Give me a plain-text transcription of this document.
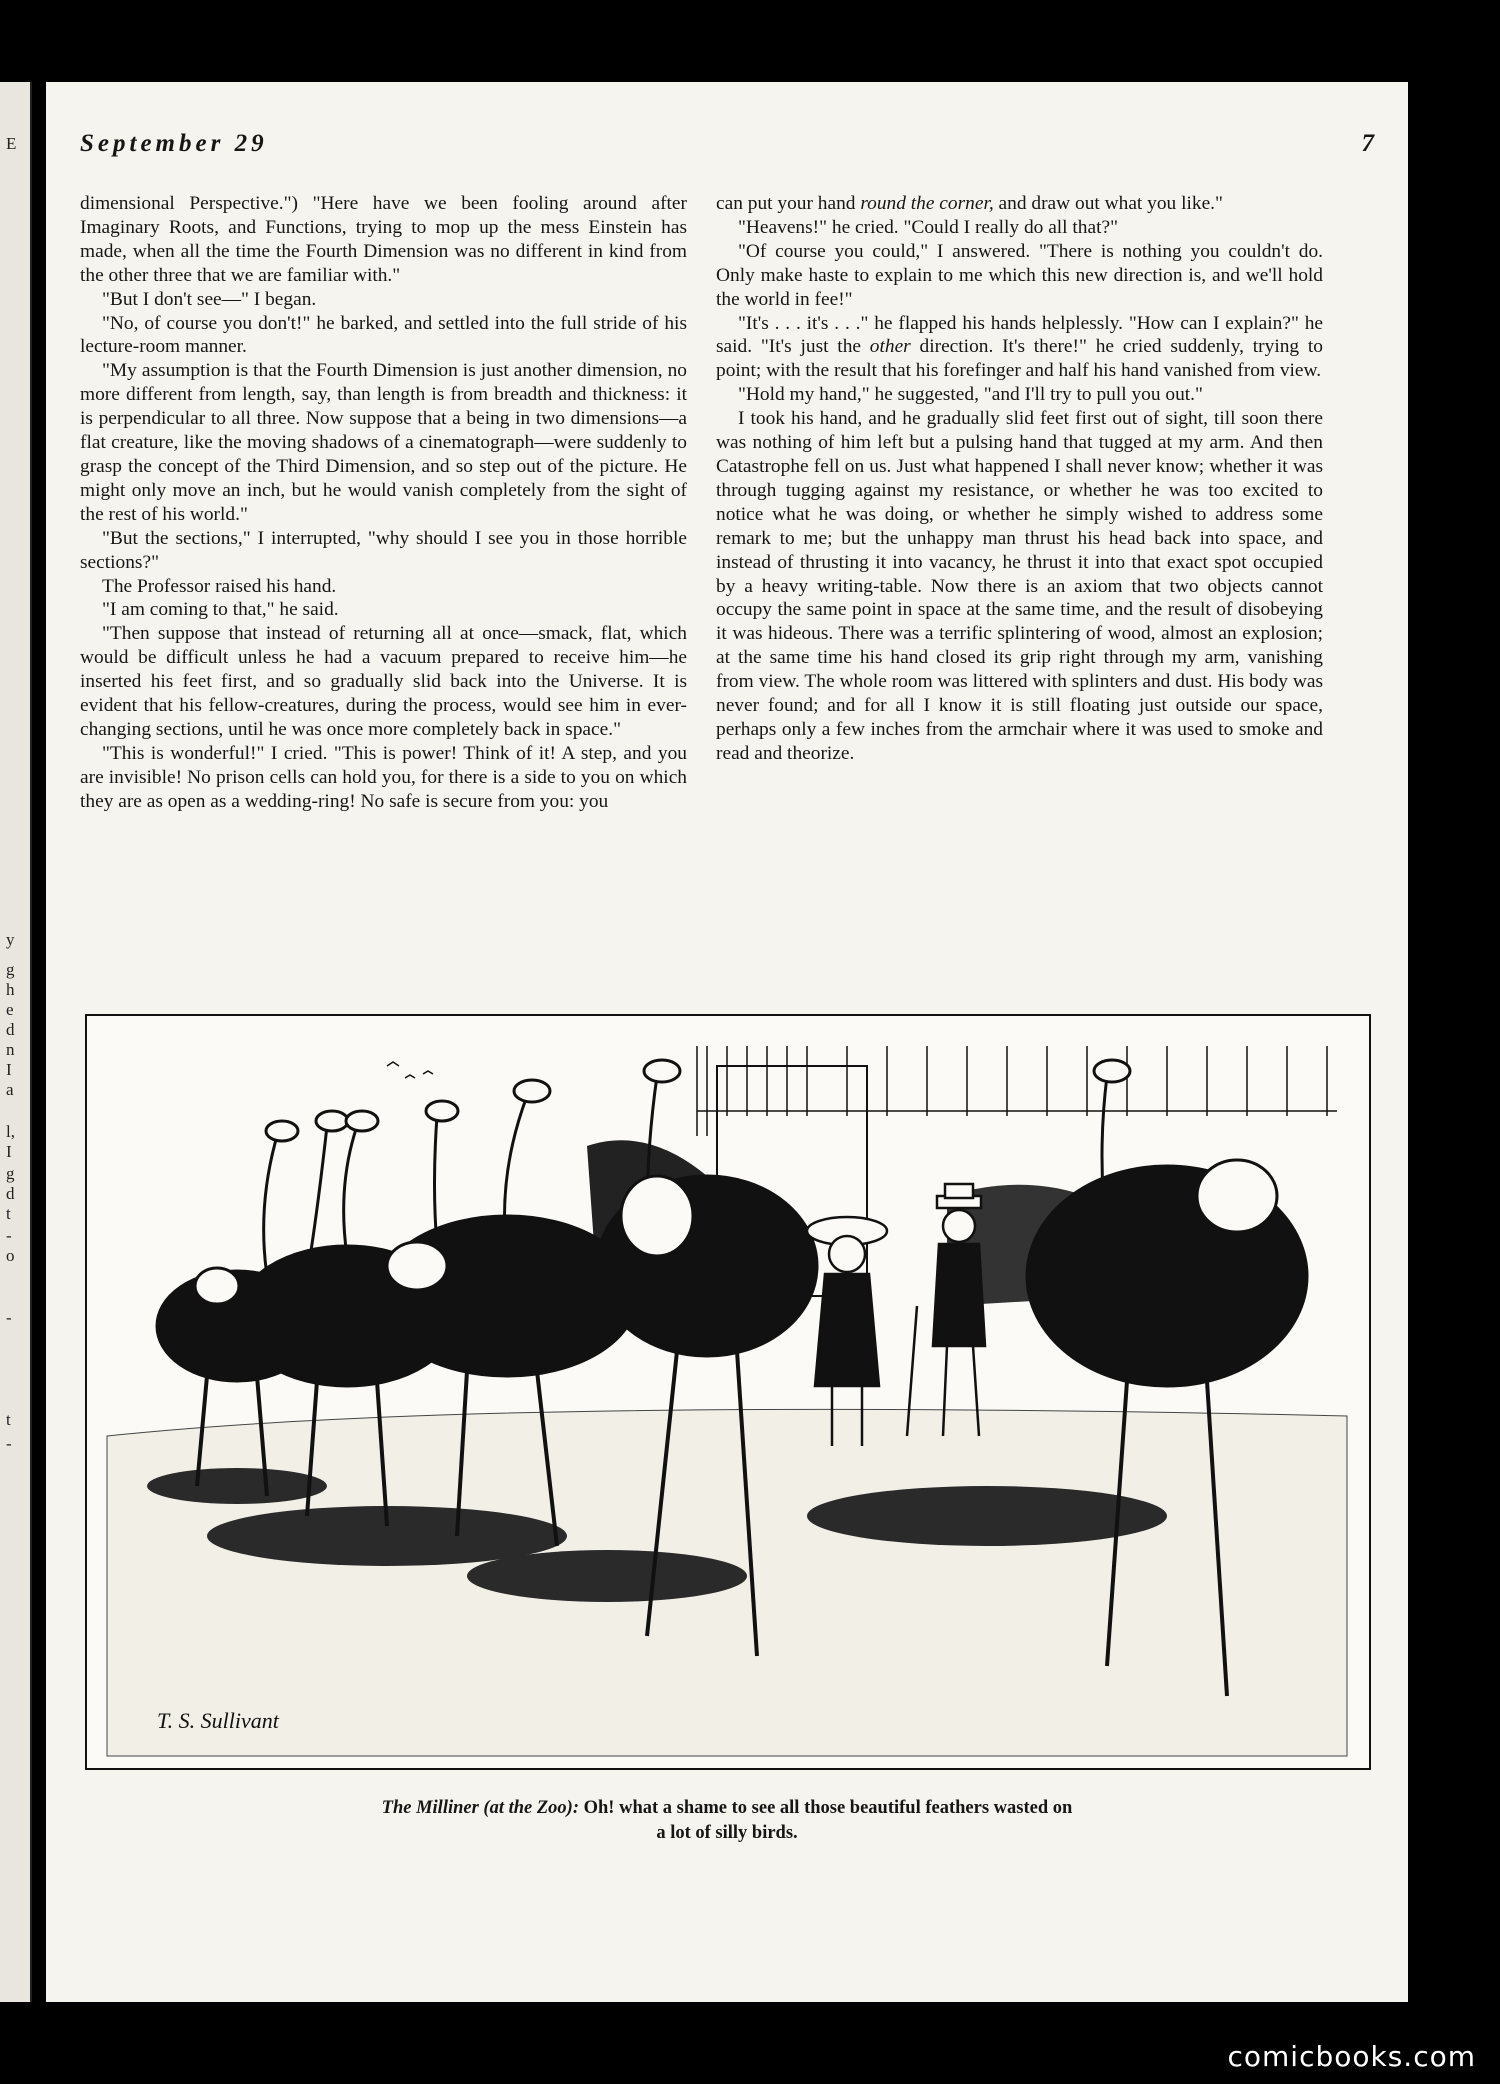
E
y
g
h
e
d
n
I
a
l,
I
g
d
t
-
o
-
t
-
September 29	7

dimensional Perspective.") "Here have we been fooling around after Imaginary Roots, and Functions, trying to mop up the mess Einstein has made, when all the time the Fourth Dimension was no different in kind from the other three that we are familiar with."

"But I don't see—" I began.

"No, of course you don't!" he barked, and settled into the full stride of his lecture-room manner.

"My assumption is that the Fourth Dimension is just another dimension, no more different from length, say, than length is from breadth and thickness: it is perpendicular to all three. Now suppose that a being in two dimensions—a flat creature, like the moving shadows of a cinematograph—were suddenly to grasp the concept of the Third Dimension, and so step out of the picture. He might only move an inch, but he would vanish completely from the sight of the rest of his world."

"But the sections," I interrupted, "why should I see you in those horrible sections?"

The Professor raised his hand.

"I am coming to that," he said.

"Then suppose that instead of returning all at once—smack, flat, which would be difficult unless he had a vacuum prepared to receive him—he inserted his feet first, and so gradually slid back into the Universe. It is evident that his fellow-creatures, during the process, would see him in ever-changing sections, until he was once more completely back in space."

"This is wonderful!" I cried. "This is power! Think of it! A step, and you are invisible! No prison cells can hold you, for there is a side to you on which they are as open as a wedding-ring! No safe is secure from you: you

can put your hand round the corner, and draw out what you like."

"Heavens!" he cried. "Could I really do all that?"

"Of course you could," I answered. "There is nothing you couldn't do. Only make haste to explain to me which this new direction is, and we'll hold the world in fee!"

"It's . . . it's . . ." he flapped his hands helplessly. "How can I explain?" he said. "It's just the other direction. It's there!" he cried suddenly, trying to point; with the result that his forefinger and half his hand vanished from view.

"Hold my hand," he suggested, "and I'll try to pull you out."

I took his hand, and he gradually slid feet first out of sight, till soon there was nothing of him left but a pulsing hand that tugged at my arm. And then Catastrophe fell on us. Just what happened I shall never know; whether it was through tugging against my resistance, or whether he was too excited to notice what he was doing, or whether he simply wished to address some remark to me; but the unhappy man thrust his head back into space, and instead of thrusting it into vacancy, he thrust it into that exact spot occupied by a heavy writing-table. Now there is an axiom that two objects cannot occupy the same point in space at the same time, and the result of disobeying it was hideous. There was a terrific splintering of wood, almost an explosion; at the same time his hand closed its grip right through my arm, vanishing from view. The whole room was littered with splinters and dust. His body was never found; and for all I know it is still floating just outside our space, perhaps only a few inches from the armchair where it was used to smoke and read and theorize.

T. S. Sullivant
The Milliner (at the Zoo): Oh! what a shame to see all those beautiful feathers wasted on
a lot of silly birds.
comicbooks.com
